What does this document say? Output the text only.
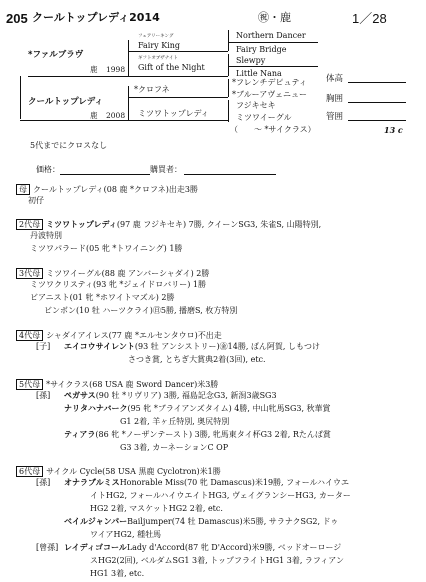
205 クールトップレディ2014	㊗・鹿	1／28
*ファルブラヴ
鹿 1998
フェアリーキング
Fairy King
ギフトオブザナイト
Gift of the Night
Northern Dancer
Fairy Bridge
Slewpy
Little Nana
クールトップレディ
鹿 2008
*クロフネ
ミツワトップレディ
*フレンチデピュティ
*ブルーアヴェニュー
フジキセキ
ミツワイーグル
（　　～ *サイクラス）	13 c
体高
胸囲
管囲
5代までにクロスなし
価格：	購買者：
母 クールトップレディ(08 鹿 *クロフネ)出走3勝
初仔
2代母 ミツワトップレディ(97 鹿 フジキセキ) 7勝, クイーンSG3, 朱雀S, 山陽特別,
丹波特別
ミツワパラード(05 牝 *トワイニング) 1勝
3代母 ミツワイーグル(88 鹿 アンバーシャダイ) 2勝
ミツワクリスティ(93 牝 *ジェイドロバリー) 1勝
ビアニスト(01 牝 *ホワイトマズル) 2勝
ビンボン(10 牡 ハーツクライ)㊐5勝, 播磨S, 枚方特別
4代母 シャダイアイレス(77 鹿 *エルセンタウロ)不出走
[子] エイコウサイレント(93 牡 アンシストリー)㊎14勝, ばん阿賀, しもつけ
さつき賞, とちぎ大賞典2着(3回), etc.
5代母 *サイクラス(68 USA 鹿 Sword Dancer)米3勝
[孫] ペガサス(90 牡 *リヴリア) 3勝, 福島記念G3, 新潟3歳SG3
ナリタハナバーク(95 牝 *ブライアンズタイム) 4勝, 中山牝馬SG3, 秋華賞
G1 2着, 羊ヶ丘特別, 奥尻特別
ティアラ(86 牝 *ノーザンテースト) 3勝, 牝馬東タイ杯G3 2着, Rたんぱ賞
G3 3着, カーネーションC OP
6代母 サイクル Cycle(58 USA 黒鹿 Cyclotron)米1勝
[孫] オナラブルミスHonorable Miss(70 牝 Damascus)米19勝, フォールハイウエ
イトHG2, フォールハイウエイトHG3, ヴェイグランシーHG3, カーター
HG2 2着, マスケットHG2 2着, etc.
ベイルジャンパーBailjumper(74 牡 Damascus)米5勝, サラナクSG2, ドゥ
ワイアHG2, 種牡馬
[曾孫] レイディゴコールLady d'Accord(87 牝 D'Accord)米9勝, ベッドオーロージ
スHG2(2回), ベルダムSG1 3着, トップフライトHG1 3着, ラフィアン
HG1 3着, etc.
